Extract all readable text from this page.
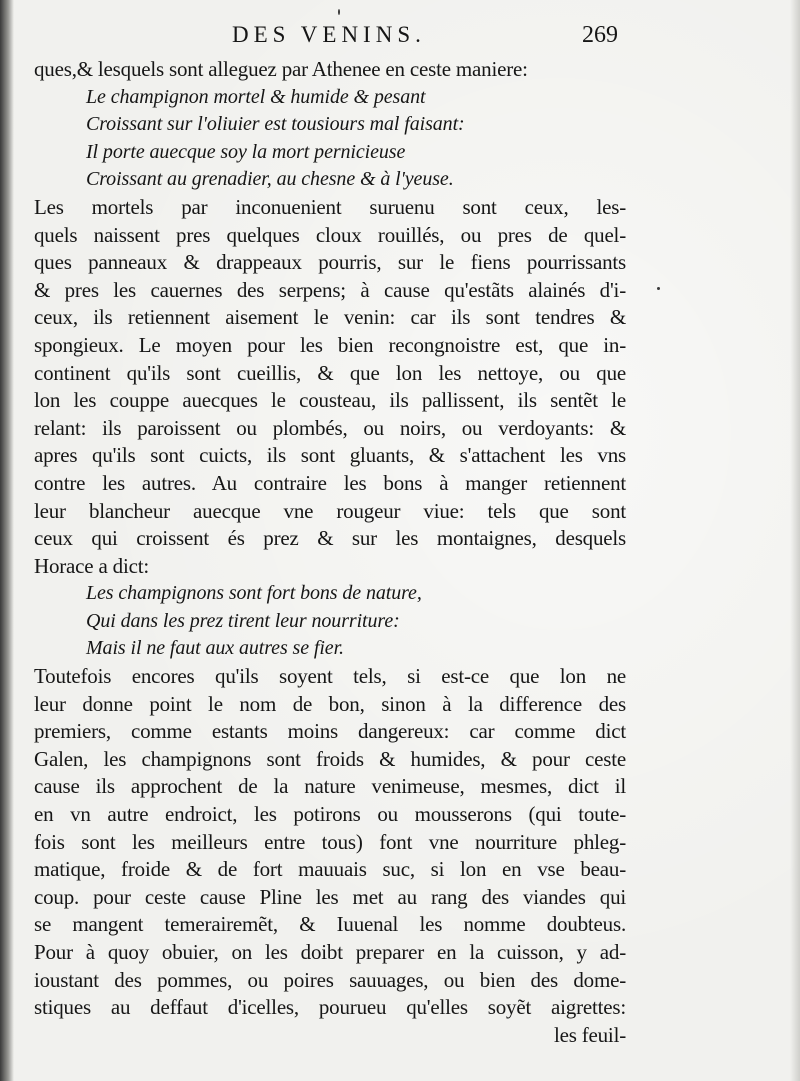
DES VENINS.	269
ques,& lesquels sont alleguez par Athenee en ceste maniere:
Le champignon mortel & humide & pesant
Croissant sur l'oliuier est tousiours mal faisant:
Il porte auecque soy la mort pernicieuse
Croissant au grenadier, au chesne & à l'yeuse.
Les mortels par inconuenient suruenu sont ceux, les-
quels naissent pres quelques cloux rouillés, ou pres de quel-
ques panneaux & drappeaux pourris, sur le fiens pourrissants
& pres les cauernes des serpens; à cause qu'estãts alainés d'i-
ceux, ils retiennent aisement le venin: car ils sont tendres &
spongieux. Le moyen pour les bien recongnoistre est, que in-
continent qu'ils sont cueillis, & que lon les nettoye, ou que
lon les couppe auecques le cousteau, ils pallissent, ils sentẽt le
relant: ils paroissent ou plombés, ou noirs, ou verdoyants: &
apres qu'ils sont cuicts, ils sont gluants, & s'attachent les vns
contre les autres. Au contraire les bons à manger retiennent
leur blancheur auecque vne rougeur viue: tels que sont
ceux qui croissent és prez & sur les montaignes, desquels
Horace a dict:
Les champignons sont fort bons de nature,
Qui dans les prez tirent leur nourriture:
Mais il ne faut aux autres se fier.
Toutefois encores qu'ils soyent tels, si est-ce que lon ne
leur donne point le nom de bon, sinon à la difference des
premiers, comme estants moins dangereux: car comme dict
Galen, les champignons sont froids & humides, & pour ceste
cause ils approchent de la nature venimeuse, mesmes, dict il
en vn autre endroict, les potirons ou mousserons (qui toute-
fois sont les meilleurs entre tous) font vne nourriture phleg-
matique, froide & de fort mauuais suc, si lon en vse beau-
coup. pour ceste cause Pline les met au rang des viandes qui
se mangent temerairemẽt, & Iuuenal les nomme doubteus.
Pour à quoy obuier, on les doibt preparer en la cuisson, y ad-
ioustant des pommes, ou poires sauuages, ou bien des dome-
stiques au deffaut d'icelles, pourueu qu'elles soyẽt aigrettes:
les feuil-
